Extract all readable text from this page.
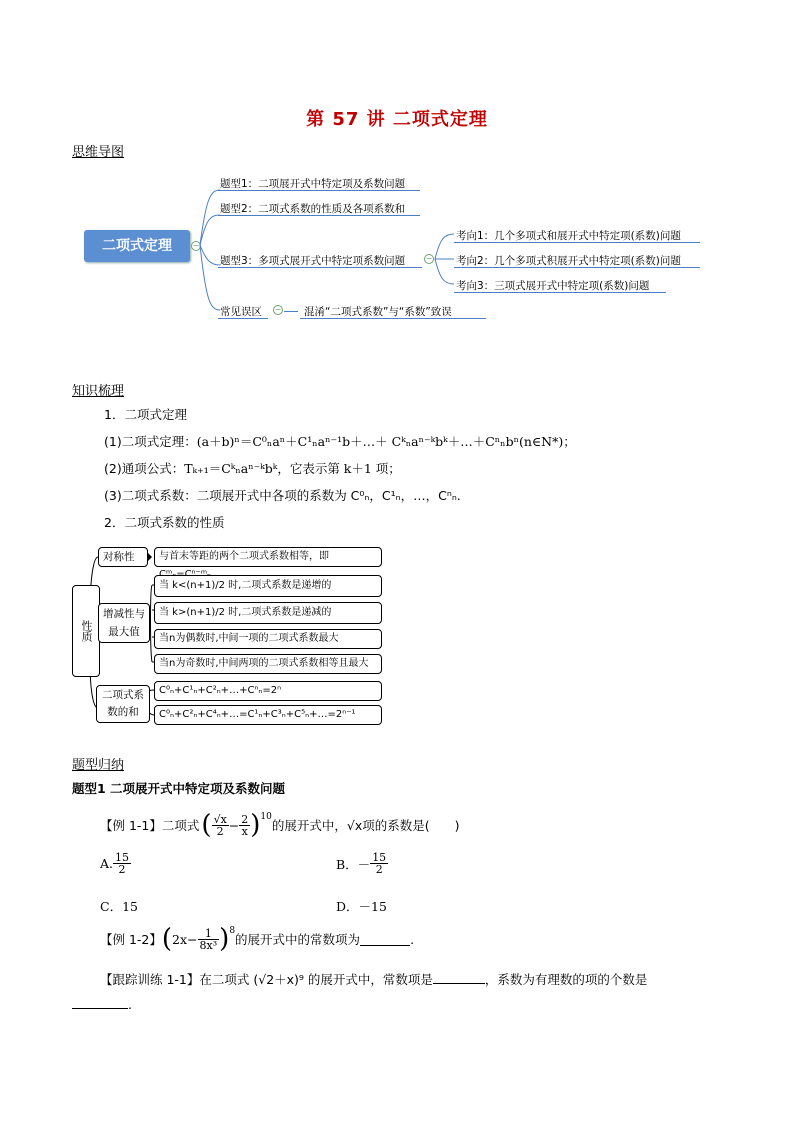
第 57 讲 二项式定理
思维导图
二项式定理	−
题型1：二项展开式中特定项及系数问题
题型2：二项式系数的性质及各项系数和
题型3：多项式展开式中特定项系数问题	−
考向1：几个多项式和展开式中特定项(系数)问题
考向2：几个多项式积展开式中特定项(系数)问题
考向3：三项式展开式中特定项(系数)问题
常见误区 − 混淆“二项式系数”与“系数”致误
知识梳理
1．二项式定理
(1)二项式定理：(a＋b)ⁿ＝C⁰ₙaⁿ＋C¹ₙaⁿ⁻¹b＋…＋ Cᵏₙaⁿ⁻ᵏbᵏ＋…＋Cⁿₙbⁿ(n∈N*)；
(2)通项公式：Tₖ₊₁＝Cᵏₙaⁿ⁻ᵏbᵏ，它表示第 k＋1 项；
(3)二项式系数：二项展开式中各项的系数为 C⁰ₙ，C¹ₙ，…，Cⁿₙ.
2．二项式系数的性质
性质
对称性	与首末等距的两个二项式系数相等，即
增减性与最大值
当 k<(n+1)/2 时,二项式系数是递增的
当 k>(n+1)/2 时,二项式系数是递减的
当n为偶数时,中间一项的二项式系数最大
当n为奇数时,中间两项的二项式系数相等且最大
二项式系数的和
C⁰ₙ+C¹ₙ+C²ₙ+…+Cⁿₙ=2ⁿ
C⁰ₙ+C²ₙ+C⁴ₙ+…=C¹ₙ+C³ₙ+C⁵ₙ+…=2ⁿ⁻¹
题型归纳
题型1 二项展开式中特定项及系数问题
【例 1-1】 二项式 ( $\frac{√x}{2} - \frac{2}{x}$ ) 10
的展开式中，√x项的系数是(　　)
A. $\frac{15}{2}$	B．－ $\frac{15}{2}$
C．15	D．－15
【例 1-2】 ( $2x- \frac{1}{\text{8x³}}$ ) 8
的展开式中的常数项为	.
【跟踪训练 1-1】在二项式 (√2＋x)⁹ 的展开式中，常数项是	，系数为有理数的项的个数是
.
